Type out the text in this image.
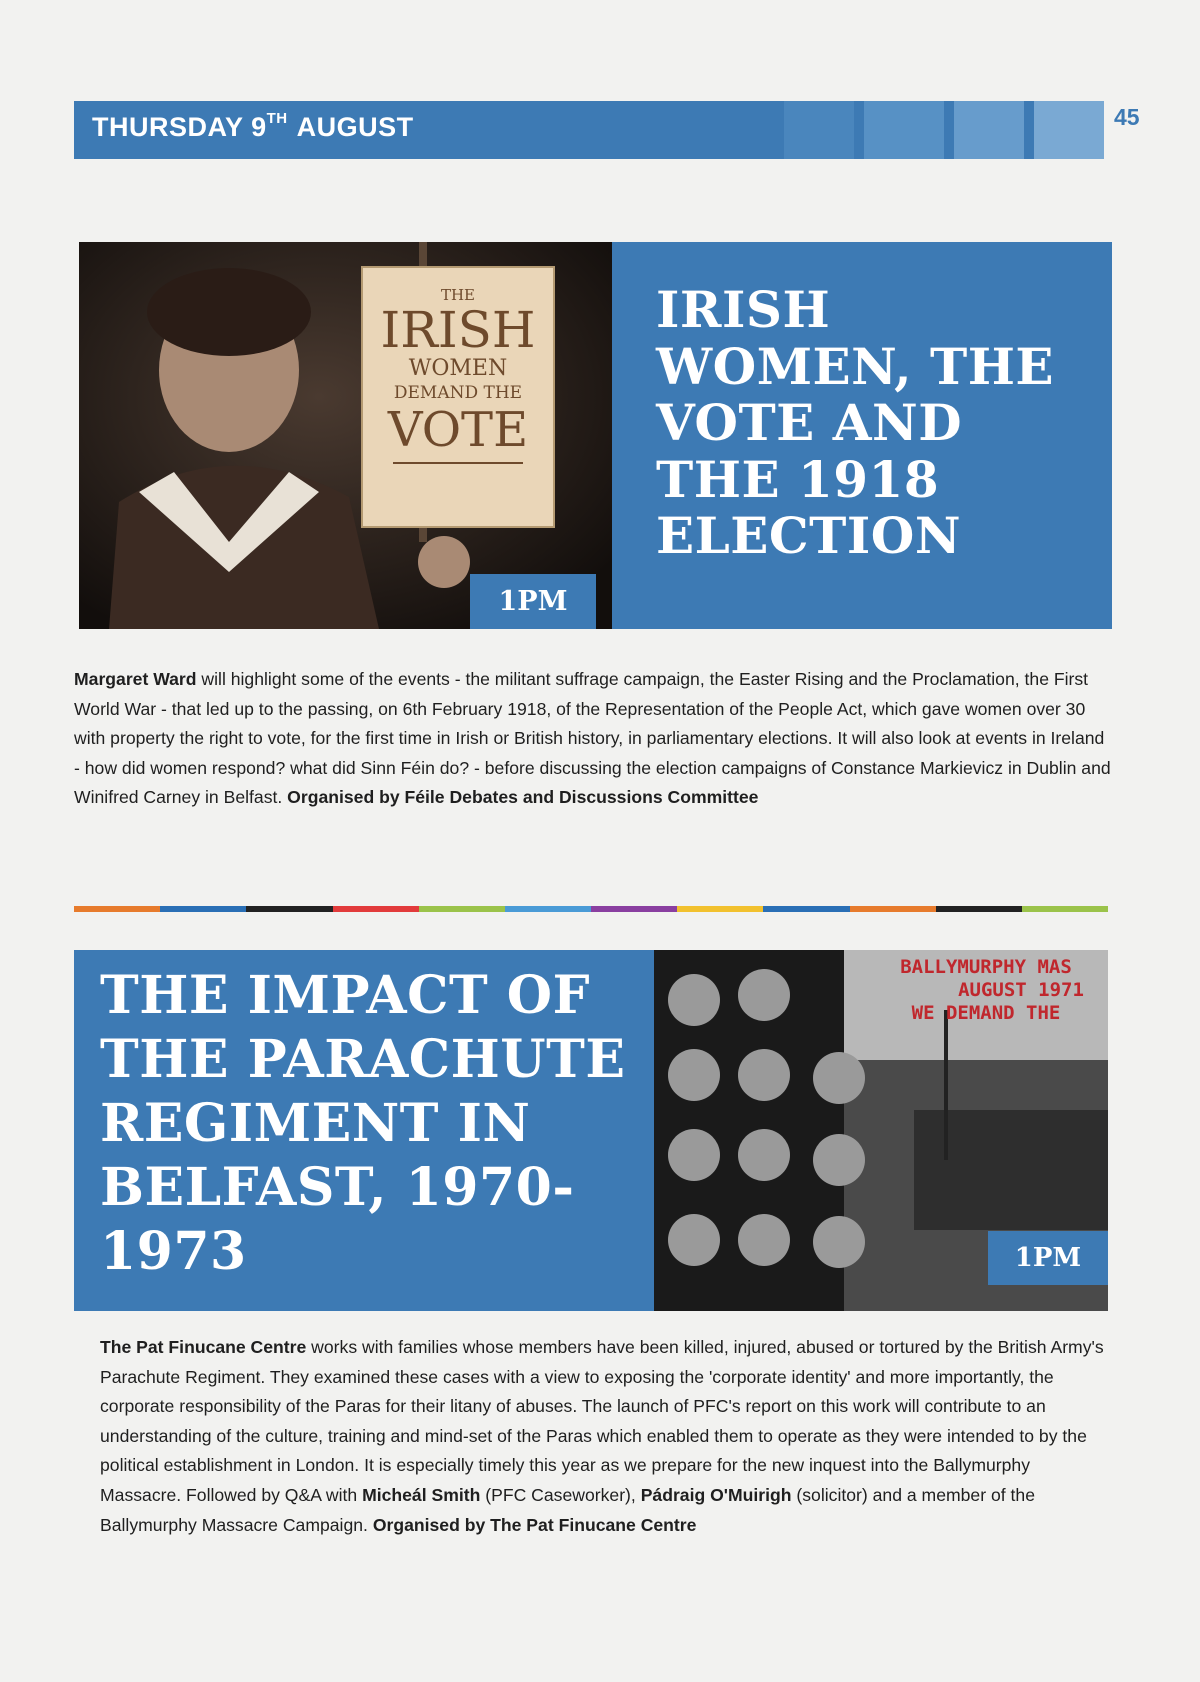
THURSDAY 9TH AUGUST	45
THE
IRISH
WOMEN
DEMAND THE
VOTE
1PM
IRISH
WOMEN, THE
VOTE AND
THE 1918
ELECTION

Margaret Ward will highlight some of the events - the militant suffrage campaign, the Easter Rising and the Proclamation, the First World War - that led up to the passing, on 6th February 1918, of the Representation of the People Act, which gave women over 30 with property the right to vote, for the first time in Irish or British history, in parliamentary elections. It will also look at events in Ireland - how did women respond? what did Sinn Féin do? - before discussing the election campaigns of Constance Markievicz in Dublin and Winifred Carney in Belfast. Organised by Féile Debates and Discussions Committee

THE IMPACT OF
THE PARACHUTE
REGIMENT IN
BELFAST, 1970-
1973
BALLYMURPHY MAS
AUGUST 1971
WE DEMAND THE
1PM

The Pat Finucane Centre works with families whose members have been killed, injured, abused or tortured by the British Army's Parachute Regiment. They examined these cases with a view to exposing the 'corporate identity' and more importantly, the corporate responsibility of the Paras for their litany of abuses. The launch of PFC's report on this work will contribute to an understanding of the culture, training and mind-set of the Paras which enabled them to operate as they were intended to by the political establishment in London. It is especially timely this year as we prepare for the new inquest into the Ballymurphy Massacre. Followed by Q&A with Micheál Smith (PFC Caseworker), Pádraig O'Muirigh (solicitor) and a member of the Ballymurphy Massacre Campaign. Organised by The Pat Finucane Centre
